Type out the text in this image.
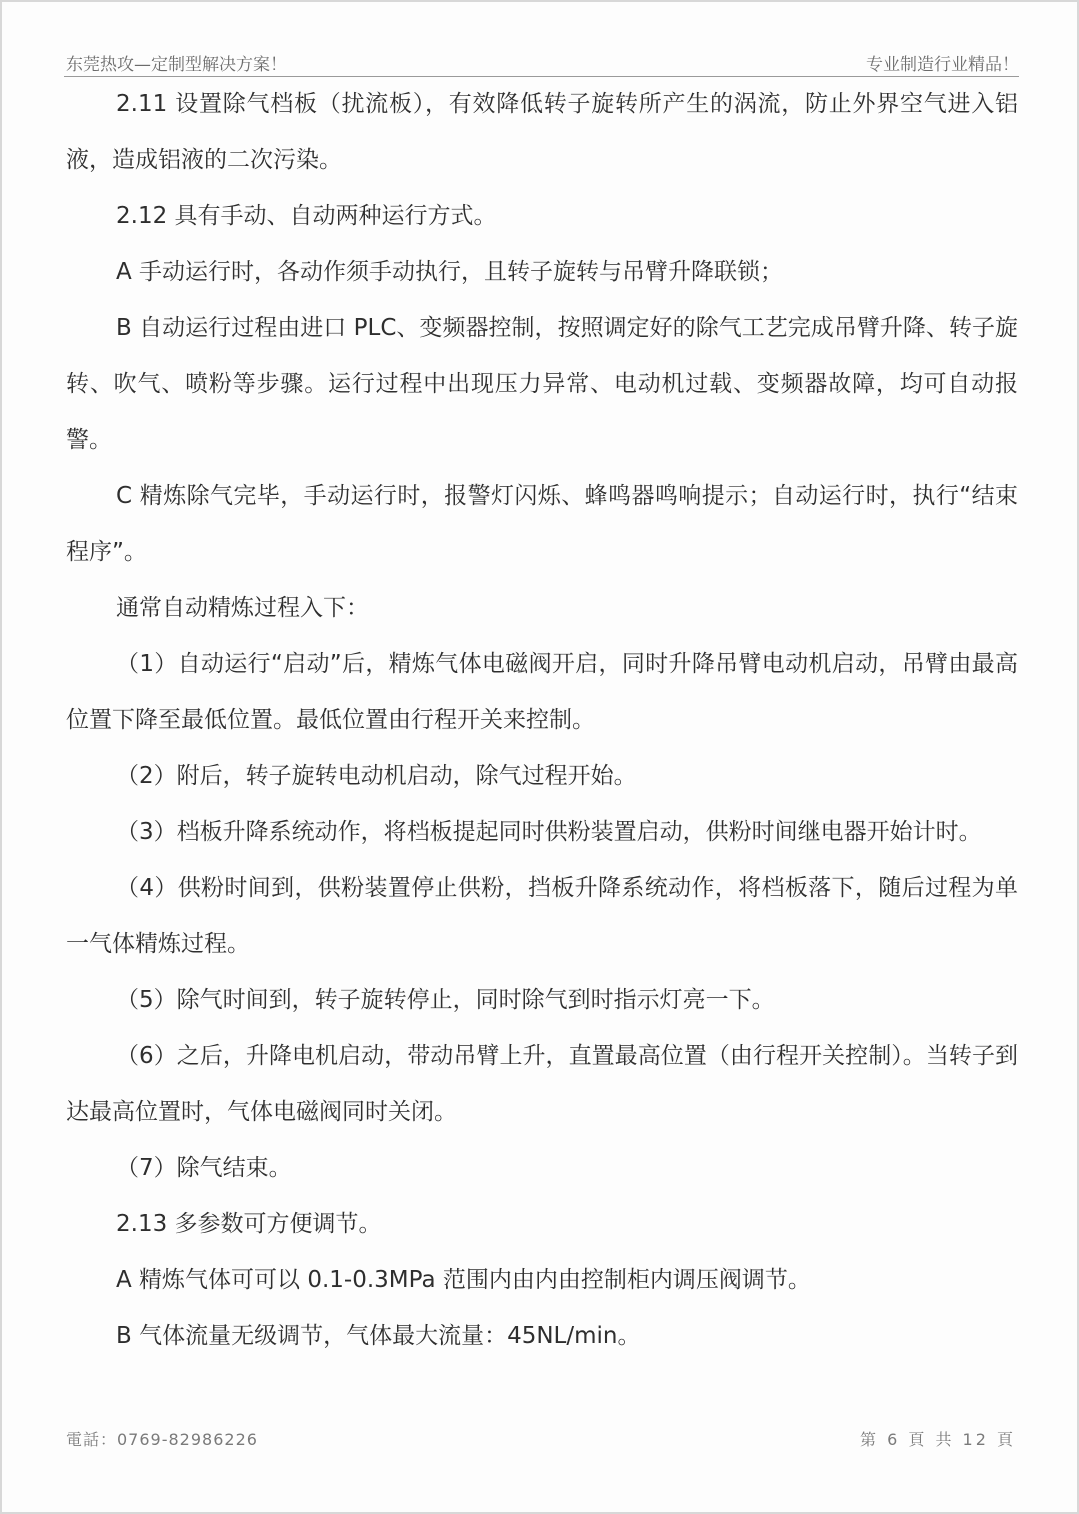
东莞热攻—定制型解决方案！	专业制造行业精品！

2.11 设置除气档板（扰流板），有效降低转子旋转所产生的涡流，防止外界空气进入铝液，造成铝液的二次污染。

2.12 具有手动、自动两种运行方式。

A 手动运行时，各动作须手动执行，且转子旋转与吊臂升降联锁；

B 自动运行过程由进口 PLC、变频器控制，按照调定好的除气工艺完成吊臂升降、转子旋转、吹气、喷粉等步骤。运行过程中出现压力异常、电动机过载、变频器故障，均可自动报警。

C 精炼除气完毕，手动运行时，报警灯闪烁、蜂鸣器鸣响提示；自动运行时，执行“结束程序”。

通常自动精炼过程入下：

（1）自动运行“启动”后，精炼气体电磁阀开启，同时升降吊臂电动机启动，吊臂由最高位置下降至最低位置。最低位置由行程开关来控制。

（2）附后，转子旋转电动机启动，除气过程开始。

（3）档板升降系统动作，将档板提起同时供粉装置启动，供粉时间继电器开始计时。

（4）供粉时间到，供粉装置停止供粉，挡板升降系统动作，将档板落下，随后过程为单一气体精炼过程。

（5）除气时间到，转子旋转停止，同时除气到时指示灯亮一下。

（6）之后，升降电机启动，带动吊臂上升，直置最高位置（由行程开关控制）。当转子到达最高位置时，气体电磁阀同时关闭。

（7）除气结束。

2.13 多参数可方便调节。

A 精炼气体可可以 0.1-0.3MPa 范围内由内由控制柜内调压阀调节。

B 气体流量无级调节，气体最大流量：45NL/min。

電話：0769-82986226	第 6 頁 共 12 頁
